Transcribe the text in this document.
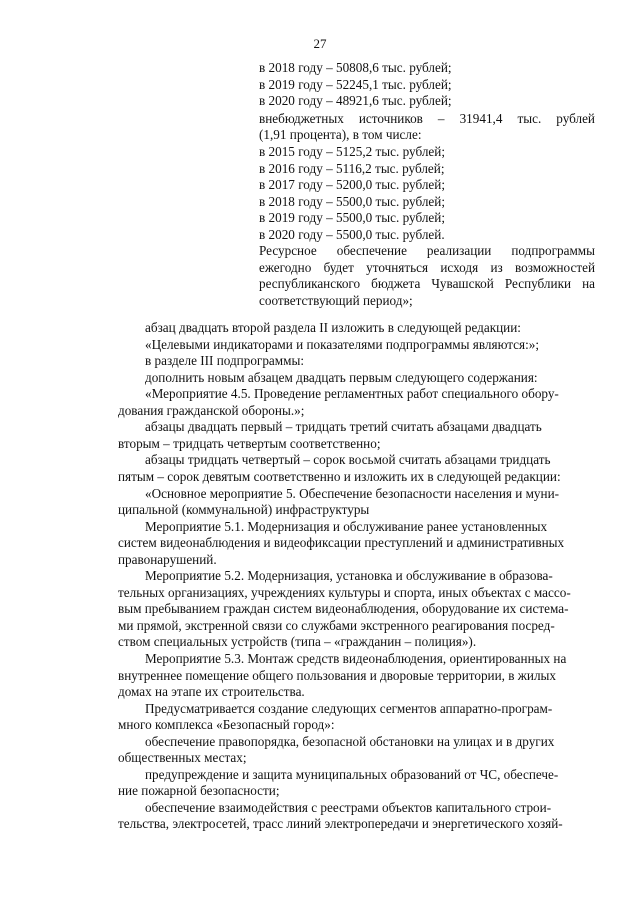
27
в 2018 году – 50808,6 тыс. рублей;
в 2019 году – 52245,1 тыс. рублей;
в 2020 году – 48921,6 тыс. рублей;
внебюджетных источников – 31941,4 тыс. рублей
(1,91 процента), в том числе:
в 2015 году – 5125,2 тыс. рублей;
в 2016 году – 5116,2 тыс. рублей;
в 2017 году – 5200,0 тыс. рублей;
в 2018 году – 5500,0 тыс. рублей;
в 2019 году – 5500,0 тыс. рублей;
в 2020 году – 5500,0 тыс. рублей.
Ресурсное обеспечение реализации подпрограммы
ежегодно будет уточняться исходя из возможностей
республиканского бюджета Чувашской Республики на
соответствующий период»;
абзац двадцать второй раздела II изложить в следующей редакции:
«Целевыми индикаторами и показателями подпрограммы являются:»;
в разделе III подпрограммы:
дополнить новым абзацем двадцать первым следующего содержания:
«Мероприятие 4.5. Проведение регламентных работ специального обору-
дования гражданской обороны.»;
абзацы двадцать первый – тридцать третий считать абзацами двадцать
вторым – тридцать четвертым соответственно;
абзацы тридцать четвертый – сорок восьмой считать абзацами тридцать
пятым – сорок девятым соответственно и изложить их в следующей редакции:
«Основное мероприятие 5. Обеспечение безопасности населения и муни-
ципальной (коммунальной) инфраструктуры
Мероприятие 5.1. Модернизация и обслуживание ранее установленных
систем видеонаблюдения и видеофиксации преступлений и административных
правонарушений.
Мероприятие 5.2. Модернизация, установка и обслуживание в образова-
тельных организациях, учреждениях культуры и спорта, иных объектах с массо-
вым пребыванием граждан систем видеонаблюдения, оборудование их системa-
ми прямой, экстренной связи со службами экстренного реагирования посред-
ством специальных устройств (типа – «гражданин – полиция»).
Мероприятие 5.3. Монтаж средств видеонаблюдения, ориентированных на
внутреннее помещение общего пользования и дворовые территории, в жилых
домах на этапе их строительства.
Предусматривается создание следующих сегментов аппаратно-програм-
много комплекса «Безопасный город»:
обеспечение правопорядка, безопасной обстановки на улицах и в других
общественных местах;
предупреждение и защита муниципальных образований от ЧС, обеспече-
ние пожарной безопасности;
обеспечение взаимодействия с реестрами объектов капитального строи-
тельства, электросетей, трасс линий электропередачи и энергетического хозяй-
